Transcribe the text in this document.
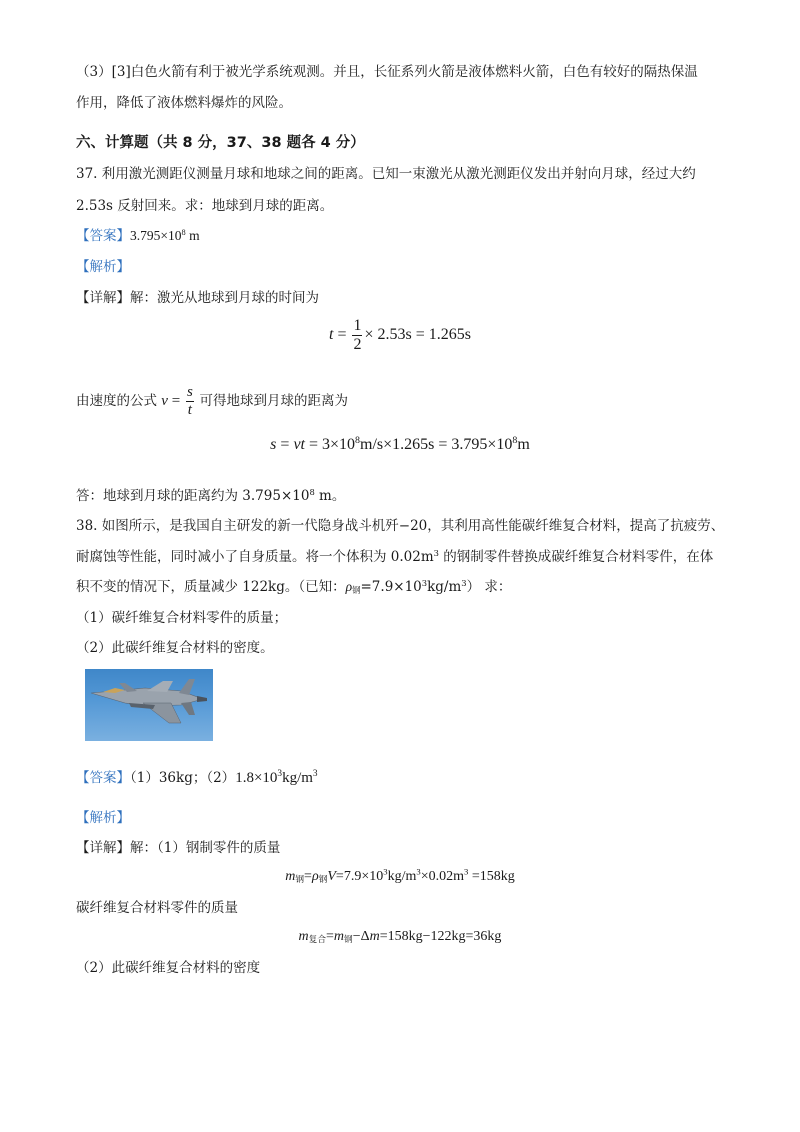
（3）[3]白色火箭有利于被光学系统观测。并且，长征系列火箭是液体燃料火箭，白色有较好的隔热保温
作用，降低了液体燃料爆炸的风险。
六、计算题（共 8 分，37、38 题各 4 分）
37. 利用激光测距仪测量月球和地球之间的距离。已知一束激光从激光测距仪发出并射向月球，经过大约
2.53s 反射回来。求：地球到月球的距离。
【答案】$3.795\times 10^8$ m
【解析】
【详解】解：激光从地球到月球的时间为
$t = \frac{1}{2} \times 2.53s = 1.265s$
由速度的公式 $v = \frac{s}{t}$ 可得地球到月球的距离为
s = vt = $3\times 10^8m/s\times 1.265s = 3.795\times 10^8m$
答：地球到月球的距离约为 $3.795\times 10^8$ m。
38. 如图所示，是我国自主研发的新一代隐身战斗机歼−20，其利用高性能碳纤维复合材料，提高了抗疲劳、
耐腐蚀等性能，同时减小了自身质量。将一个体积为 $0.02m^3$ 的钢制零件替换成碳纤维复合材料零件，在体
积不变的情况下，质量减少 122kg。（已知：$\rho_钢=7.9\times 10^3kg/m^3$） 求：
（1）碳纤维复合材料零件的质量；
（2）此碳纤维复合材料的密度。
【答案】（1）36kg；$(2)1.8\times 10^3kg/m^3$
【解析】
【详解】解：（1）钢制零件的质量
$m_钢=\rho_钢V=7.9\times 10^3kg/m^3\times 0.02m^3 =158kg$
碳纤维复合材料零件的质量
$m_{复合}=m_钢-\Delta m=158kg-122kg=36kg$
（2）此碳纤维复合材料的密度
